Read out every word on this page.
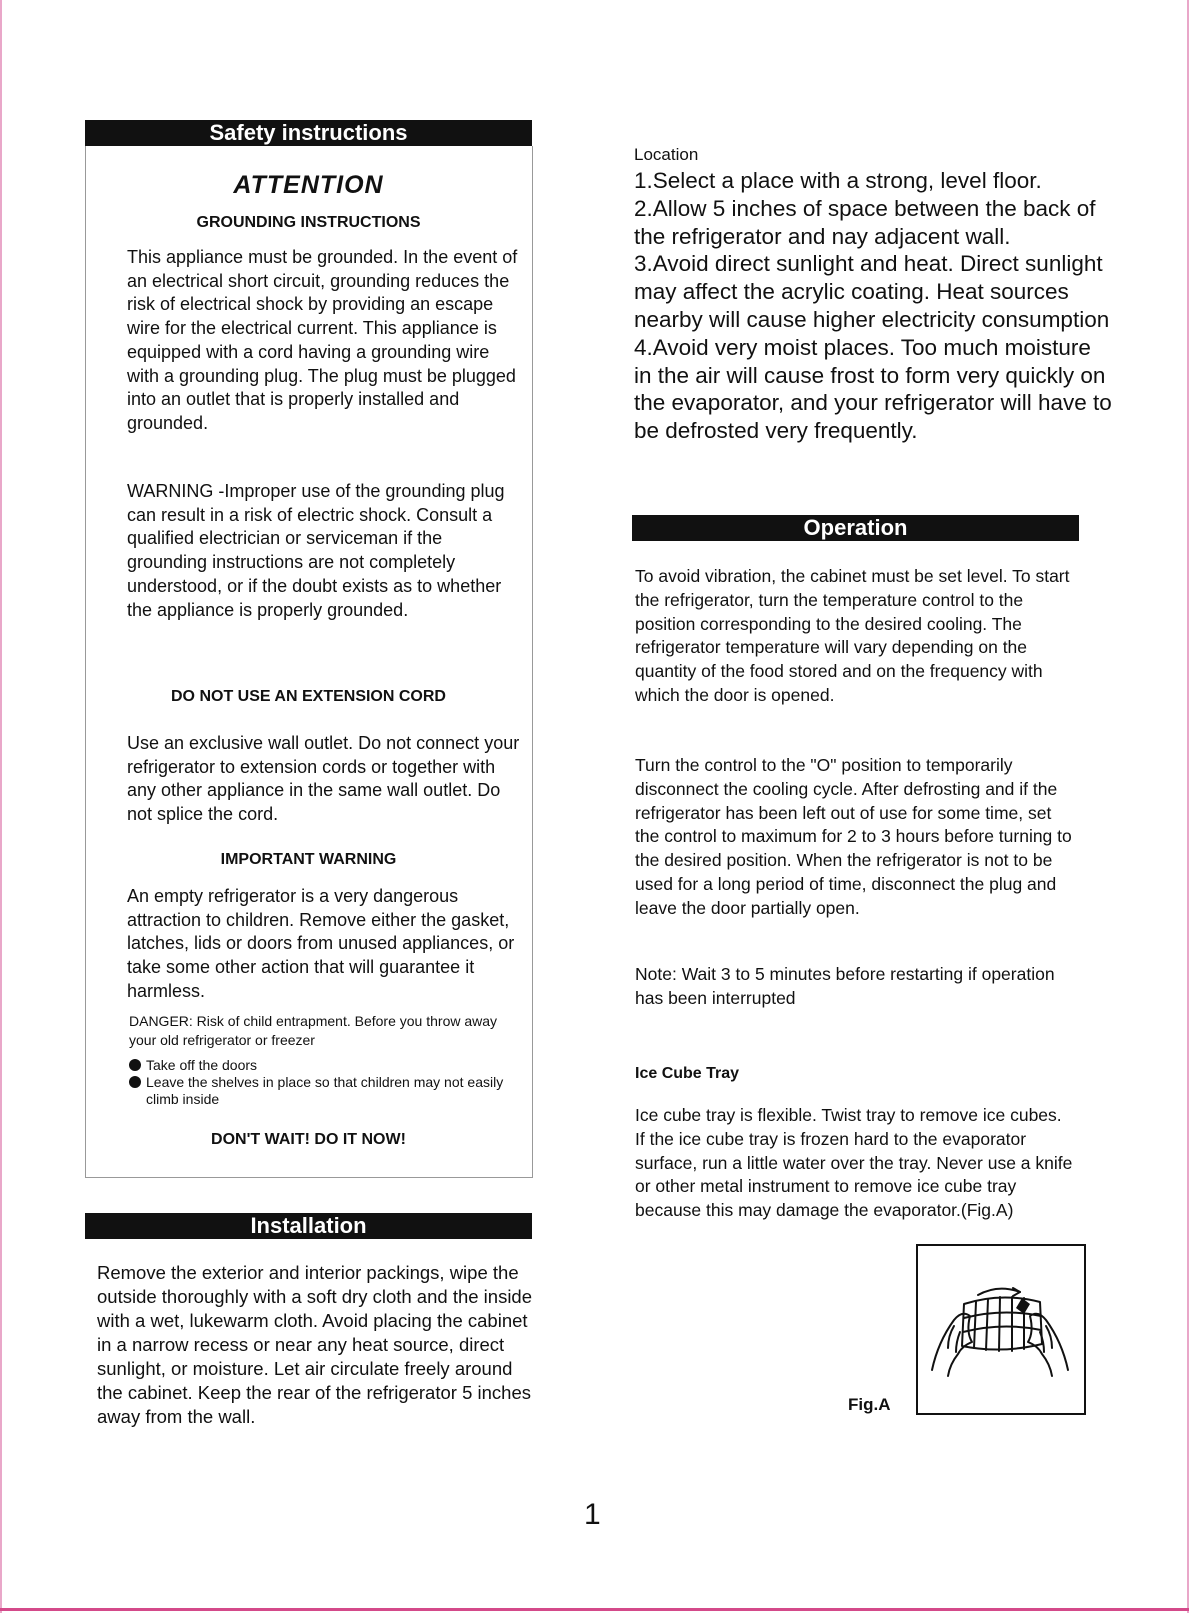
Safety instructions
ATTENTION
GROUNDING INSTRUCTIONS

This appliance must be grounded. In the event of an electrical short circuit, grounding reduces the risk of electrical shock by providing an escape wire for the electrical current. This appliance is equipped with a cord having a grounding wire with a grounding plug. The plug must be plugged into an outlet that is properly installed and grounded.

WARNING -Improper use of the grounding plug can result in a risk of electric shock. Consult a qualified electrician or serviceman if the grounding instructions are not completely understood, or if the doubt exists as to whether the appliance is properly grounded.

DO NOT USE AN EXTENSION CORD

Use an exclusive wall outlet. Do not connect your refrigerator to extension cords or together with any other appliance in the same wall outlet. Do not splice the cord.

IMPORTANT WARNING

An empty refrigerator is a very dangerous attraction to children. Remove either the gasket, latches, lids or doors from unused appliances, or take some other action that will guarantee it harmless.

DANGER: Risk of child entrapment. Before you throw away your old refrigerator or freezer

Take off the doors
Leave the shelves in place so that children may not easily climb inside
DON'T WAIT! DO IT NOW!
Installation

Remove the exterior and interior packings, wipe the outside thoroughly with a soft dry cloth and the inside with a wet, lukewarm cloth. Avoid placing the cabinet in a narrow recess or near any heat source, direct sunlight, or moisture. Let air circulate freely around the cabinet. Keep the rear of the refrigerator 5 inches away from the wall.

Location
1.Select a place with a strong, level floor.
2.Allow 5 inches of space between the back of the refrigerator and nay adjacent wall.
3.Avoid direct sunlight and heat. Direct sunlight may affect the acrylic coating. Heat sources nearby will cause higher electricity consumption
4.Avoid very moist places. Too much moisture in the air will cause frost to form very quickly on the evaporator, and your refrigerator will have to be defrosted very frequently.
Operation

To avoid vibration, the cabinet must be set level. To start the refrigerator, turn the temperature control to the position corresponding to the desired cooling. The refrigerator temperature will vary depending on the quantity of the food stored and on the frequency with which the door is opened.

Turn the control to the "O" position to temporarily disconnect the cooling cycle. After defrosting and if the refrigerator has been left out of use for some time, set the control to maximum for 2 to 3 hours before turning to the desired position. When the refrigerator is not to be used for a long period of time, disconnect the plug and leave the door partially open.

Note: Wait 3 to 5 minutes before restarting if operation has been interrupted

Ice Cube Tray

Ice cube tray is flexible. Twist tray to remove ice cubes. If the ice cube tray is frozen hard to the evaporator surface, run a little water over the tray. Never use a knife or other metal instrument to remove ice cube tray because this may damage the evaporator.(Fig.A)

Fig.A
1
